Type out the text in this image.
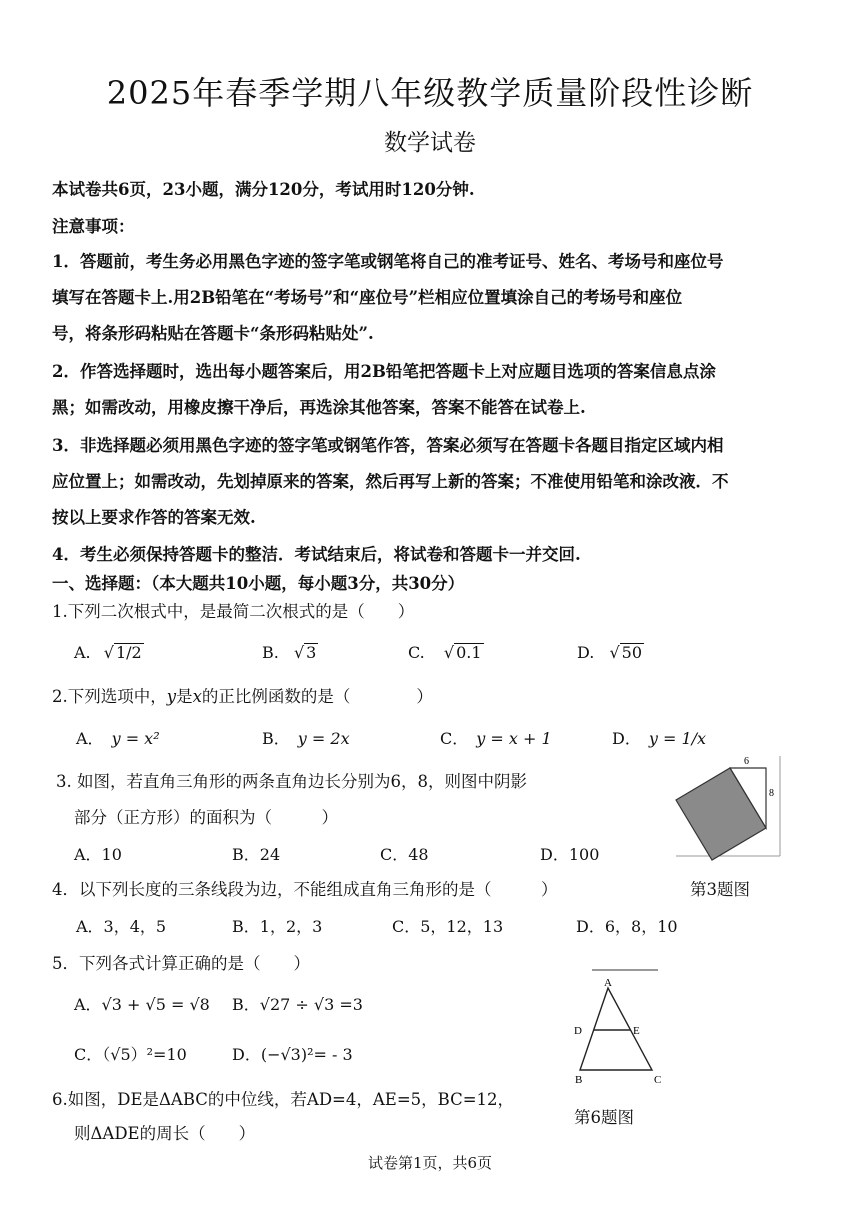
2025年春季学期八年级教学质量阶段性诊断
数学试卷
本试卷共6页，23小题，满分120分，考试用时120分钟.
注意事项：
1．答题前，考生务必用黑色字迹的签字笔或钢笔将自己的准考证号、姓名、考场号和座位号
填写在答题卡上.用2B铅笔在“考场号”和“座位号”栏相应位置填涂自己的考场号和座位
号，将条形码粘贴在答题卡“条形码粘贴处”.
2．作答选择题时，选出每小题答案后，用2B铅笔把答题卡上对应题目选项的答案信息点涂
黑；如需改动，用橡皮擦干净后，再选涂其他答案，答案不能答在试卷上.
3．非选择题必须用黑色字迹的签字笔或钢笔作答，答案必须写在答题卡各题目指定区域内相
应位置上；如需改动，先划掉原来的答案，然后再写上新的答案；不准使用铅笔和涂改液．不
按以上要求作答的答案无效.
4．考生必须保持答题卡的整洁．考试结束后，将试卷和答题卡一并交回.
一、选择题：（本大题共10小题，每小题3分，共30分）
1.下列二次根式中，是最简二次根式的是（　　）
A. √ 1/2	B. √ 3	C. √ 0.1	D. √ 50
2.下列选项中，y是x的正比例函数的是（　　　　）
A． y = x²	B． y = 2x	C． y = x + 1	D． y = 1/x
3. 如图，若直角三角形的两条直角边长分别为6，8，则图中阴影
部分（正方形）的面积为（　　　）
A．10	B．24	C．48	D．100
6
8
第3题图
4．以下列长度的三条线段为边，不能组成直角三角形的是（　　　）
A．3，4，5	B．1，2，3	C．5，12，13	D．6，8，10
5．下列各式计算正确的是（　　）
A．√3 + √5 = √8 B．√27 ÷ √3 =3
C．（√5）²=10	D．(−√3)²= - 3
A
D	E
B	C
6.如图，DE是ΔABC的中位线，若AD=4，AE=5，BC=12，
则ΔADE的周长（　　）
第6题图
试卷第1页，共6页
